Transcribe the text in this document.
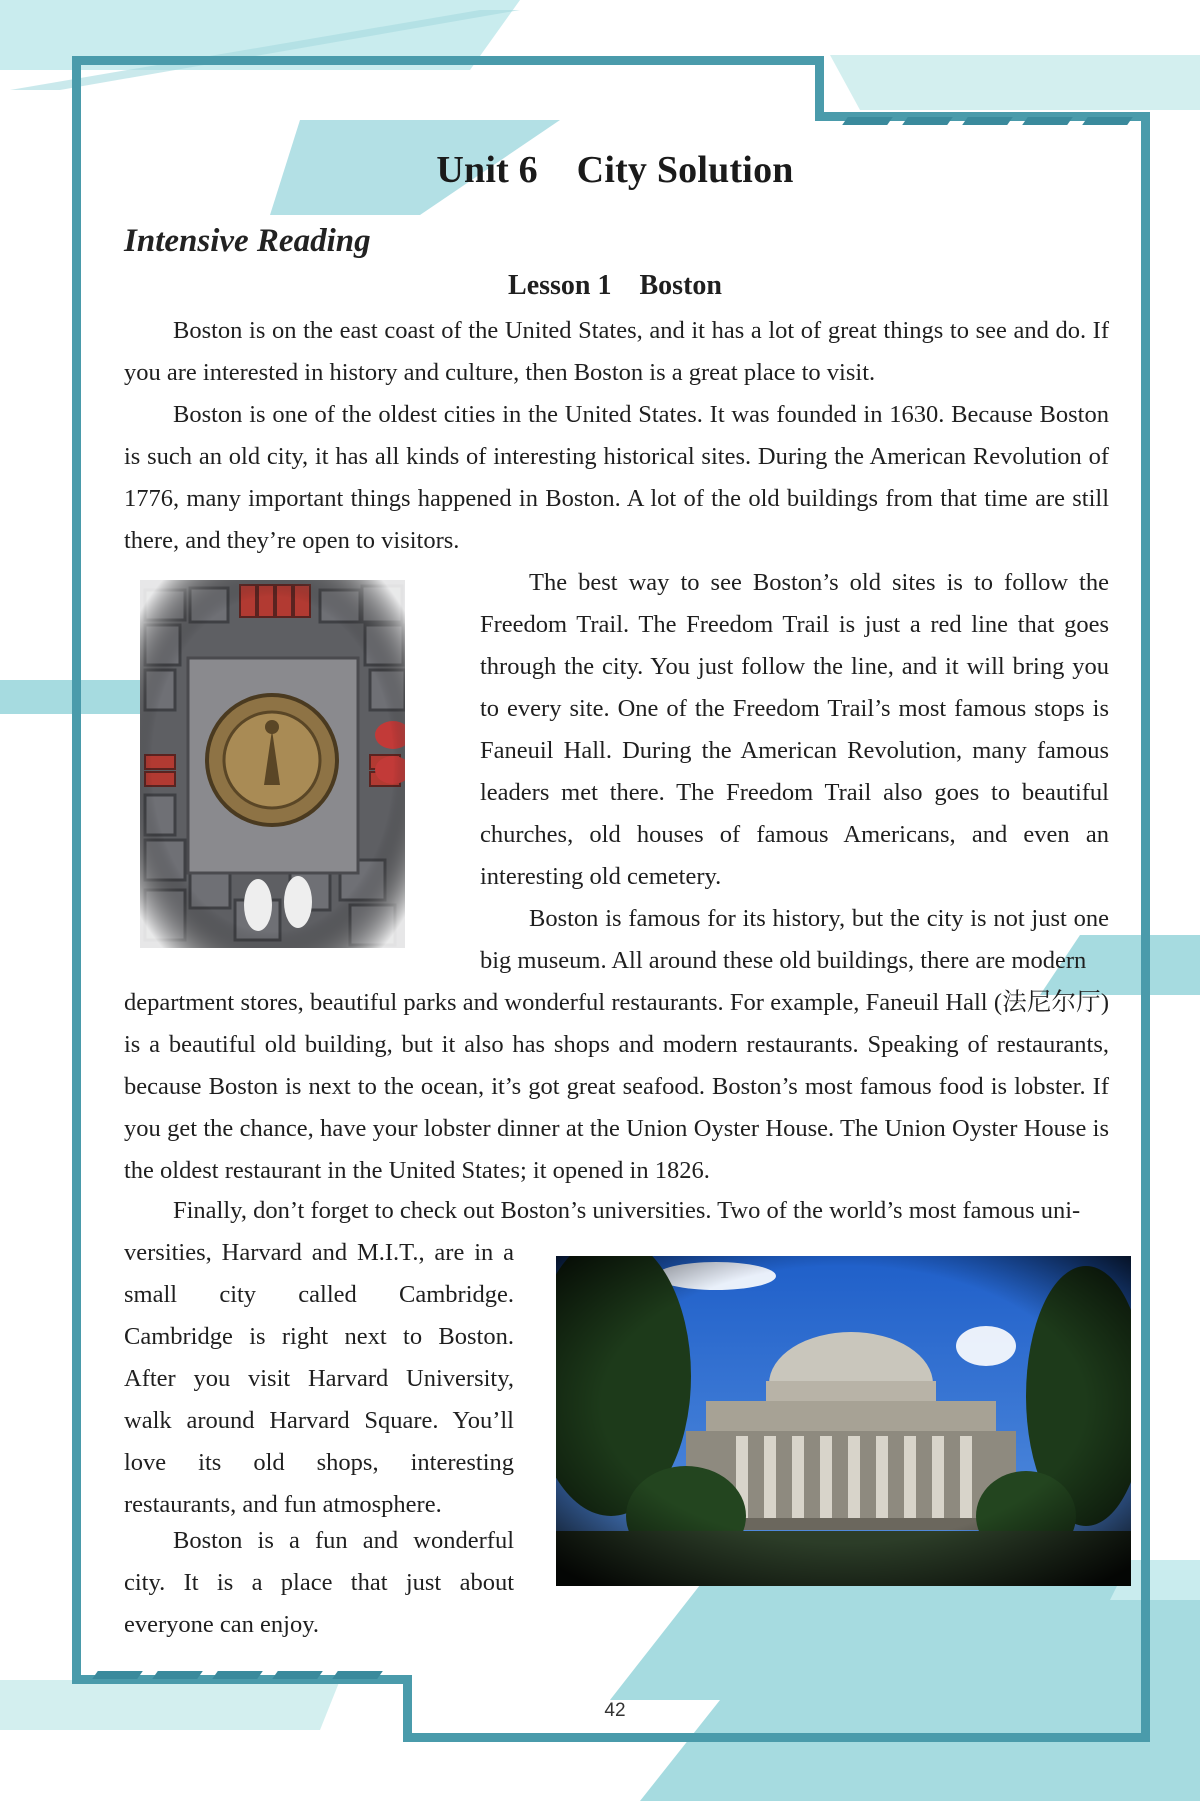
Unit 6    City Solution
Intensive Reading
Lesson 1    Boston

Boston is on the east coast of the United States, and it has a lot of great things to see and do. If you are interested in history and culture, then Boston is a great place to visit.

Boston is one of the oldest cities in the United States. It was founded in 1630. Because Boston is such an old city, it has all kinds of interesting historical sites. During the American Revolution of 1776, many important things happened in Boston. A lot of the old buildings from that time are still there, and they’re open to visitors.

The best way to see Boston’s old sites is to follow the Freedom Trail. The Freedom Trail is just a red line that goes through the city. You just follow the line, and it will bring you to every site. One of the Freedom Trail’s most famous stops is Faneuil Hall. During the American Revolution, many famous leaders met there. The Freedom Trail also goes to beautiful churches, old houses of famous Americans, and even an interesting old cemetery.

Boston is famous for its history, but the city is not just one big museum. All around these old buildings, there are modern

department stores, beautiful parks and wonderful restaurants. For example, Faneuil Hall (法尼尔厅) is a beautiful old building, but it also has shops and modern restaurants. Speaking of restaurants, because Boston is next to the ocean, it’s got great seafood. Boston’s most famous food is lobster. If you get the chance, have your lobster dinner at the Union Oyster House. The Union Oyster House is the oldest restaurant in the United States; it opened in 1826.

Finally, don’t forget to check out Boston’s universities. Two of the world’s most famous uni-

versities, Harvard and M.I.T., are in a small city called Cambridge. Cambridge is right next to Boston. After you visit Harvard University, walk around Harvard Square. You’ll love its old shops, interesting restaurants, and fun atmosphere.

Boston is a fun and wonderful city. It is a place that just about everyone can enjoy.

42
